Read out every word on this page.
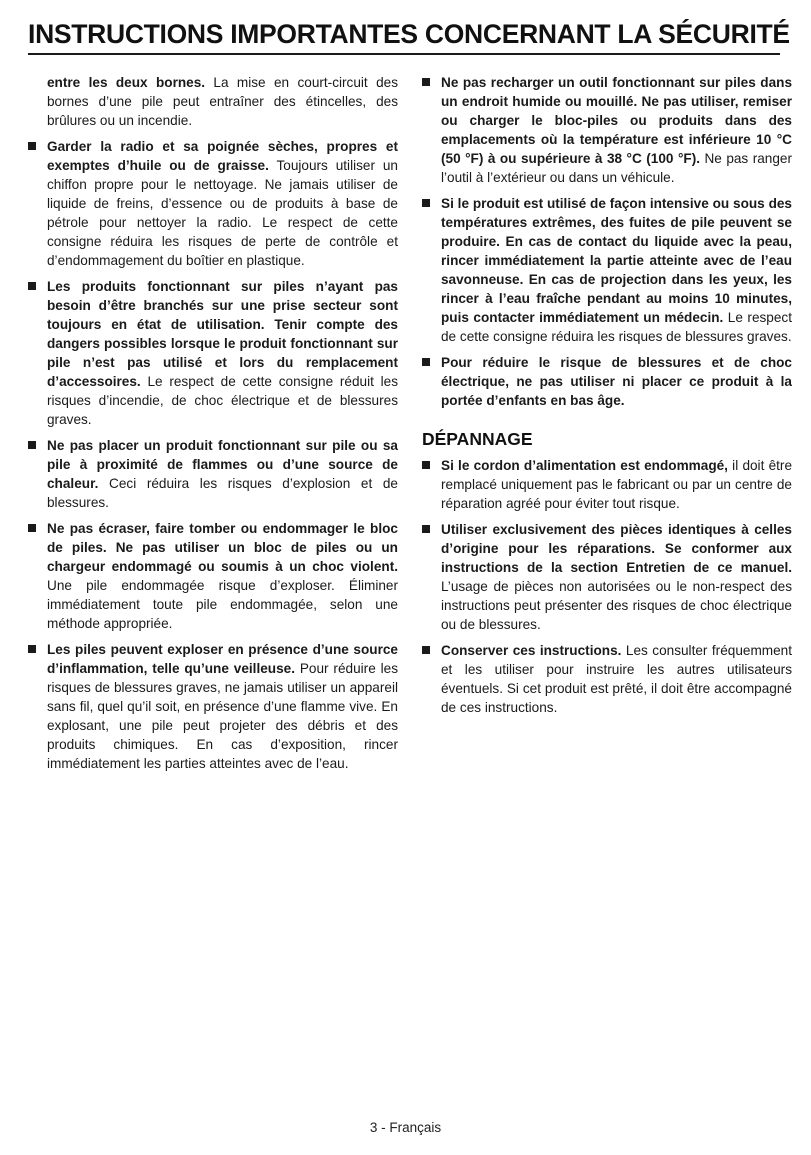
INSTRUCTIONS IMPORTANTES CONCERNANT LA SÉCURITÉ

entre les deux bornes. La mise en court-circuit des bornes d’une pile peut entraîner des étincelles, des brûlures ou un incendie.

Garder la radio et sa poignée sèches, propres et exemptes d’huile ou de graisse. Toujours utiliser un chiffon propre pour le nettoyage. Ne jamais utiliser de liquide de freins, d’essence ou de produits à base de pétrole pour nettoyer la radio. Le respect de cette consigne réduira les risques de perte de contrôle et d’endommagement du boîtier en plastique.

Les produits fonctionnant sur piles n’ayant pas besoin d’être branchés sur une prise secteur sont toujours en état de utilisation. Tenir compte des dangers possibles lorsque le produit fonctionnant sur pile n’est pas utilisé et lors du remplacement d’accessoires. Le respect de cette consigne réduit les risques d’incendie, de choc électrique et de blessures graves.

Ne pas placer un produit fonctionnant sur pile ou sa pile à proximité de flammes ou d’une source de chaleur. Ceci réduira les risques d’explosion et de blessures.

Ne pas écraser, faire tomber ou endommager le bloc de piles. Ne pas utiliser un bloc de piles ou un chargeur endommagé ou soumis à un choc violent. Une pile endommagée risque d’exploser. Éliminer immédiatement toute pile endommagée, selon une méthode appropriée.

Les piles peuvent exploser en présence d’une source d’inflammation, telle qu’une veilleuse. Pour réduire les risques de blessures graves, ne jamais utiliser un appareil sans fil, quel qu’il soit, en présence d’une flamme vive. En explosant, une pile peut projeter des débris et des produits chimiques. En cas d’exposition, rincer immédiatement les parties atteintes avec de l’eau.

Ne pas recharger un outil fonctionnant sur piles dans un endroit humide ou mouillé. Ne pas utiliser, remiser ou charger le bloc-piles ou produits dans des emplacements où la température est inférieure 10 °C (50 °F) à ou supérieure à 38 °C (100 °F). Ne pas ranger l’outil à l’extérieur ou dans un véhicule.

Si le produit est utilisé de façon intensive ou sous des températures extrêmes, des fuites de pile peuvent se produire. En cas de contact du liquide avec la peau, rincer immédiatement la partie atteinte avec de l’eau savonneuse. En cas de projection dans les yeux, les rincer à l’eau fraîche pendant au moins 10 minutes, puis contacter immédiatement un médecin. Le respect de cette consigne réduira les risques de blessures graves.

Pour réduire le risque de blessures et de choc électrique, ne pas utiliser ni placer ce produit à la portée d’enfants en bas âge.

DÉPANNAGE

Si le cordon d’alimentation est endommagé, il doit être remplacé uniquement pas le fabricant ou par un centre de réparation agréé pour éviter tout risque.

Utiliser exclusivement des pièces identiques à celles d’origine pour les réparations. Se conformer aux instructions de la section Entretien de ce manuel. L’usage de pièces non autorisées ou le non-respect des instructions peut présenter des risques de choc électrique ou de blessures.

Conserver ces instructions. Les consulter fréquemment et les utiliser pour instruire les autres utilisateurs éventuels. Si cet produit est prêté, il doit être accompagné de ces instructions.

3 - Français
